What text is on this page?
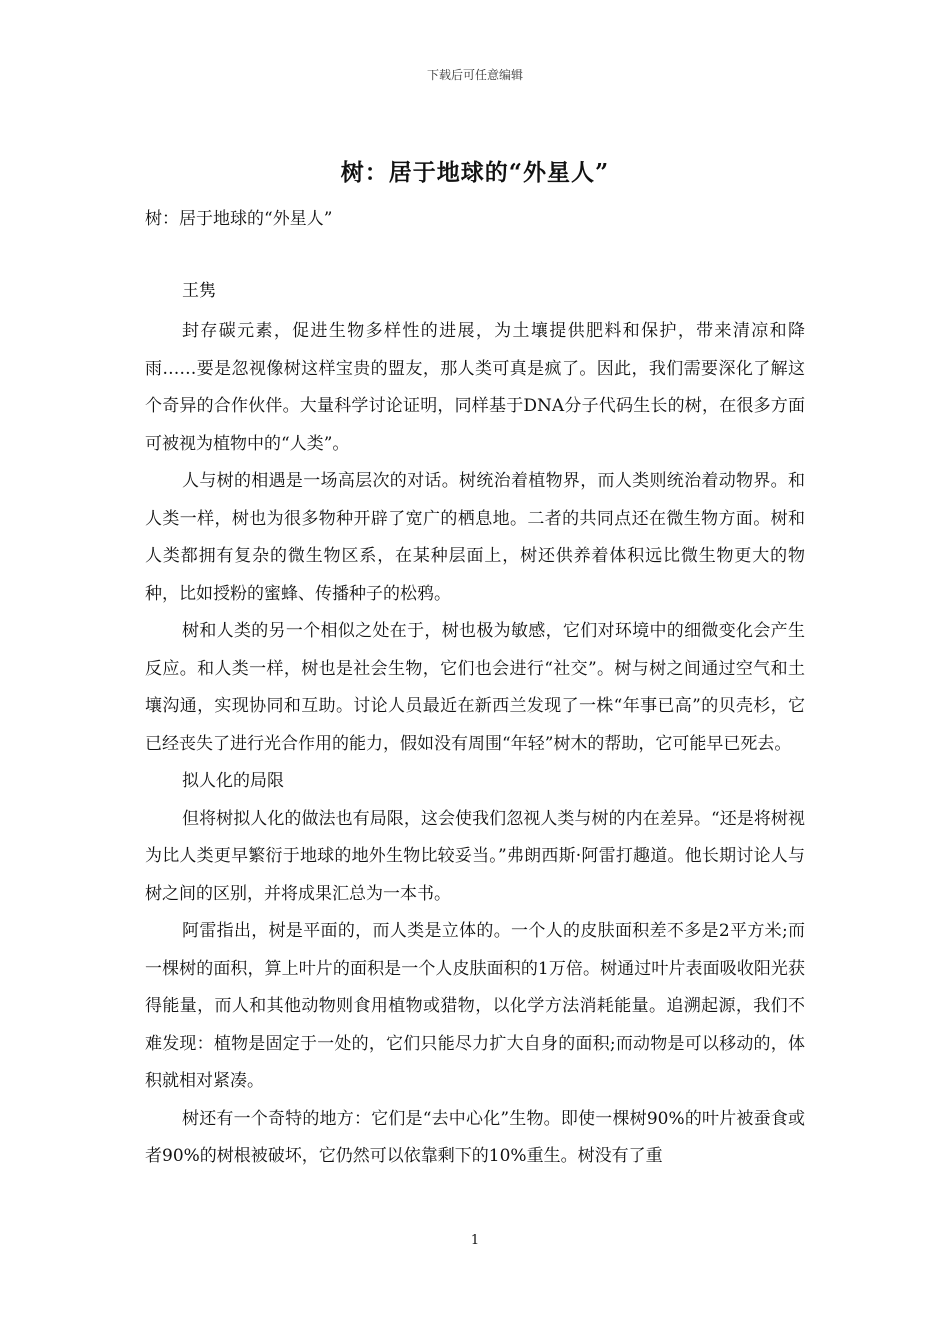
下载后可任意编辑
树：居于地球的“外星人”
树：居于地球的“外星人”
王隽

封存碳元素，促进生物多样性的进展，为土壤提供肥料和保护，带来清凉和降雨……要是忽视像树这样宝贵的盟友，那人类可真是疯了。因此，我们需要深化了解这个奇异的合作伙伴。大量科学讨论证明，同样基于DNA分子代码生长的树，在很多方面可被视为植物中的“人类”。

人与树的相遇是一场高层次的对话。树统治着植物界，而人类则统治着动物界。和人类一样，树也为很多物种开辟了宽广的栖息地。二者的共同点还在微生物方面。树和人类都拥有复杂的微生物区系，在某种层面上，树还供养着体积远比微生物更大的物种，比如授粉的蜜蜂、传播种子的松鸦。

树和人类的另一个相似之处在于，树也极为敏感，它们对环境中的细微变化会产生反应。和人类一样，树也是社会生物，它们也会进行“社交”。树与树之间通过空气和土壤沟通，实现协同和互助。讨论人员最近在新西兰发现了一株“年事已高”的贝壳杉，它已经丧失了进行光合作用的能力，假如没有周围“年轻”树木的帮助，它可能早已死去。

拟人化的局限

但将树拟人化的做法也有局限，这会使我们忽视人类与树的内在差异。“还是将树视为比人类更早繁衍于地球的地外生物比较妥当。”弗朗西斯·阿雷打趣道。他长期讨论人与树之间的区别，并将成果汇总为一本书。

阿雷指出，树是平面的，而人类是立体的。一个人的皮肤面积差不多是2平方米;而一棵树的面积，算上叶片的面积是一个人皮肤面积的1万倍。树通过叶片表面吸收阳光获得能量，而人和其他动物则食用植物或猎物，以化学方法消耗能量。追溯起源，我们不难发现：植物是固定于一处的，它们只能尽力扩大自身的面积;而动物是可以移动的，体积就相对紧凑。

树还有一个奇特的地方：它们是“去中心化”生物。即使一棵树90%的叶片被蚕食或者90%的树根被破坏，它仍然可以依靠剩下的10%重生。树没有了重

1
